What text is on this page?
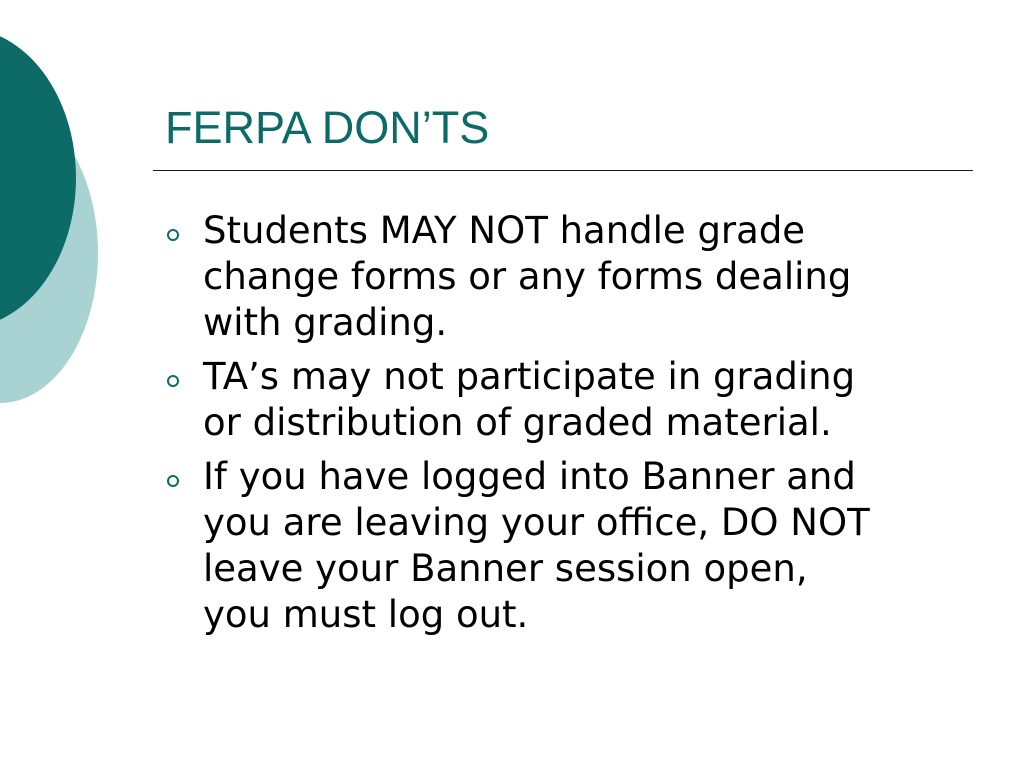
FERPA DON’TS
Students MAY NOT handle grade
change forms or any forms dealing
with grading.
TA’s may not participate in grading
or distribution of graded material.
If you have logged into Banner and
you are leaving your office, DO NOT
leave your Banner session open,
you must log out.
